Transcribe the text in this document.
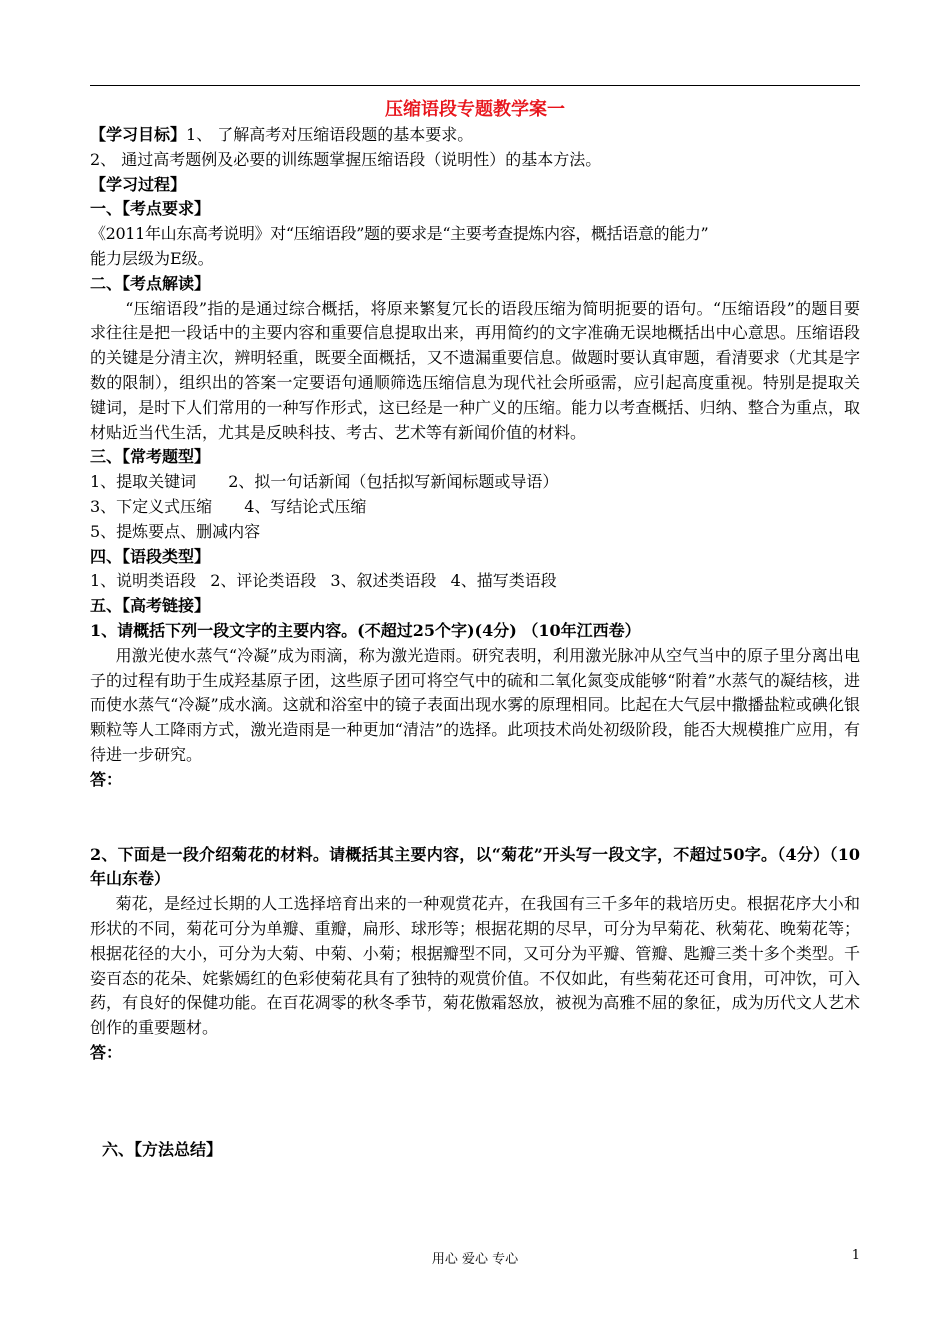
压缩语段专题教学案一
【学习目标】1、 了解高考对压缩语段题的基本要求。
2、 通过高考题例及必要的训练题掌握压缩语段（说明性）的基本方法。
【学习过程】
一、【考点要求】
《2011年山东高考说明》对“压缩语段”题的要求是“主要考查提炼内容，概括语意的能力”
能力层级为E级。
二、【考点解读】
“压缩语段”指的是通过综合概括，将原来繁复冗长的语段压缩为简明扼要的语句。“压缩语段”的题目要求往往是把一段话中的主要内容和重要信息提取出来，再用简约的文字准确无误地概括出中心意思。压缩语段的关键是分清主次，辨明轻重，既要全面概括，又不遗漏重要信息。做题时要认真审题，看清要求（尤其是字数的限制），组织出的答案一定要语句通顺筛选压缩信息为现代社会所亟需，应引起高度重视。特别是提取关键词，是时下人们常用的一种写作形式，这已经是一种广义的压缩。能力以考查概括、归纳、整合为重点，取材贴近当代生活，尤其是反映科技、考古、艺术等有新闻价值的材料。
三、【常考题型】
1、提取关键词 2、拟一句话新闻（包括拟写新闻标题或导语）
3、下定义式压缩 4、写结论式压缩
5、提炼要点、删减内容
四、【语段类型】
1、说明类语段 2、评论类语段 3、叙述类语段 4、描写类语段
五、【高考链接】
1、请概括下列一段文字的主要内容。(不超过25个字)(4分) （10年江西卷）
用激光使水蒸气“冷凝”成为雨滴，称为激光造雨。研究表明，利用激光脉冲从空气当中的原子里分离出电子的过程有助于生成羟基原子团，这些原子团可将空气中的硫和二氧化氮变成能够“附着”水蒸气的凝结核，进而使水蒸气“冷凝”成水滴。这就和浴室中的镜子表面出现水雾的原理相同。比起在大气层中撒播盐粒或碘化银颗粒等人工降雨方式，激光造雨是一种更加“清洁”的选择。此项技术尚处初级阶段，能否大规模推广应用，有待进一步研究。
答：
2、下面是一段介绍菊花的材料。请概括其主要内容，以“菊花”开头写一段文字，不超过50字。（4分）（10年山东卷）
菊花，是经过长期的人工选择培育出来的一种观赏花卉，在我国有三千多年的栽培历史。根据花序大小和形状的不同，菊花可分为单瓣、重瓣，扁形、球形等；根据花期的尽早，可分为早菊花、秋菊花、晚菊花等；根据花径的大小，可分为大菊、中菊、小菊；根据瓣型不同，又可分为平瓣、管瓣、匙瓣三类十多个类型。千姿百态的花朵、姹紫嫣红的色彩使菊花具有了独特的观赏价值。不仅如此，有些菊花还可食用，可冲饮，可入药，有良好的保健功能。在百花凋零的秋冬季节，菊花傲霜怒放，被视为高雅不屈的象征，成为历代文人艺术创作的重要题材。
答：
六、【方法总结】
用心 爱心 专心	1
